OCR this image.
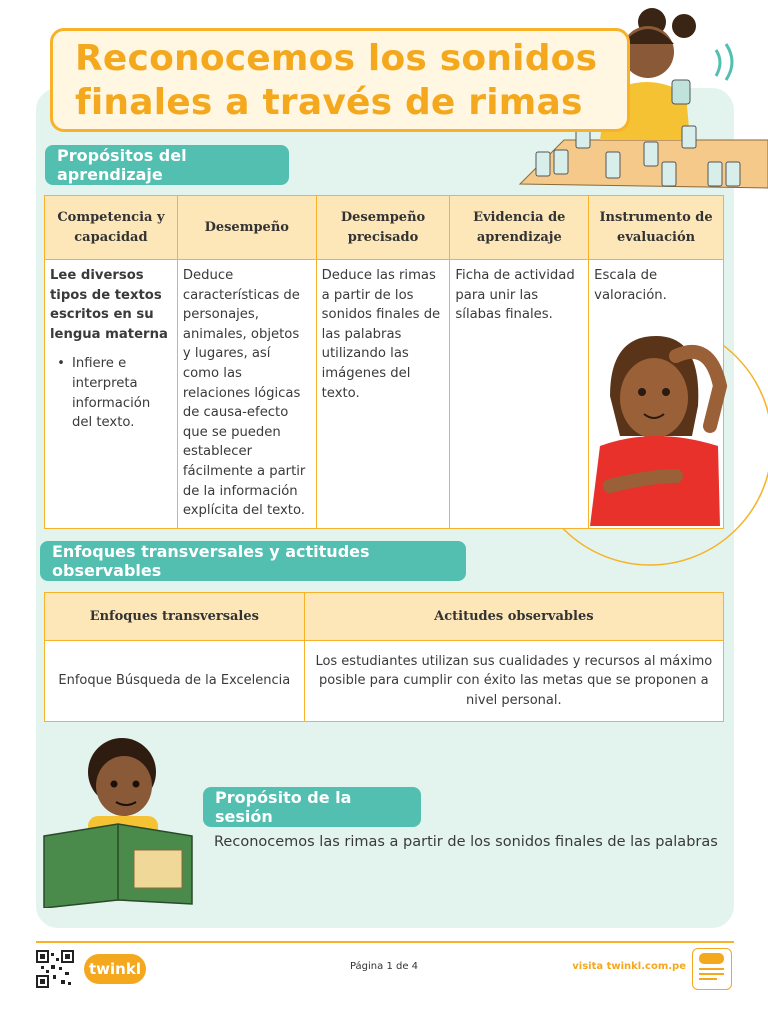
Reconocemos los sonidos finales a través de rimas
Propósitos del aprendizaje
Competencia y capacidad	Desempeño	Desempeño precisado	Evidencia de aprendizaje	Instrumento de evaluación

Lee diversos tipos de textos escritos en su lengua materna
• Infiere e interpreta información del texto.	Deduce características de personajes, animales, objetos y lugares, así como las relaciones lógicas de causa-efecto que se pueden establecer fácilmente a partir de la información explícita del texto.	Deduce las rimas a partir de los sonidos finales de las palabras utilizando las imágenes del texto.	Ficha de actividad para unir las sílabas finales.	Escala de valoración.
Enfoques transversales y actitudes observables
Enfoques transversales	Actitudes observables
Enfoque Búsqueda de la Excelencia	Los estudiantes utilizan sus cualidades y recursos al máximo posible para cumplir con éxito las metas que se proponen a nivel personal.
Propósito de la sesión
Reconocemos las rimas a partir de los sonidos finales de las palabras
twinkl	Página 1 de 4	visita twinkl.com.pe
